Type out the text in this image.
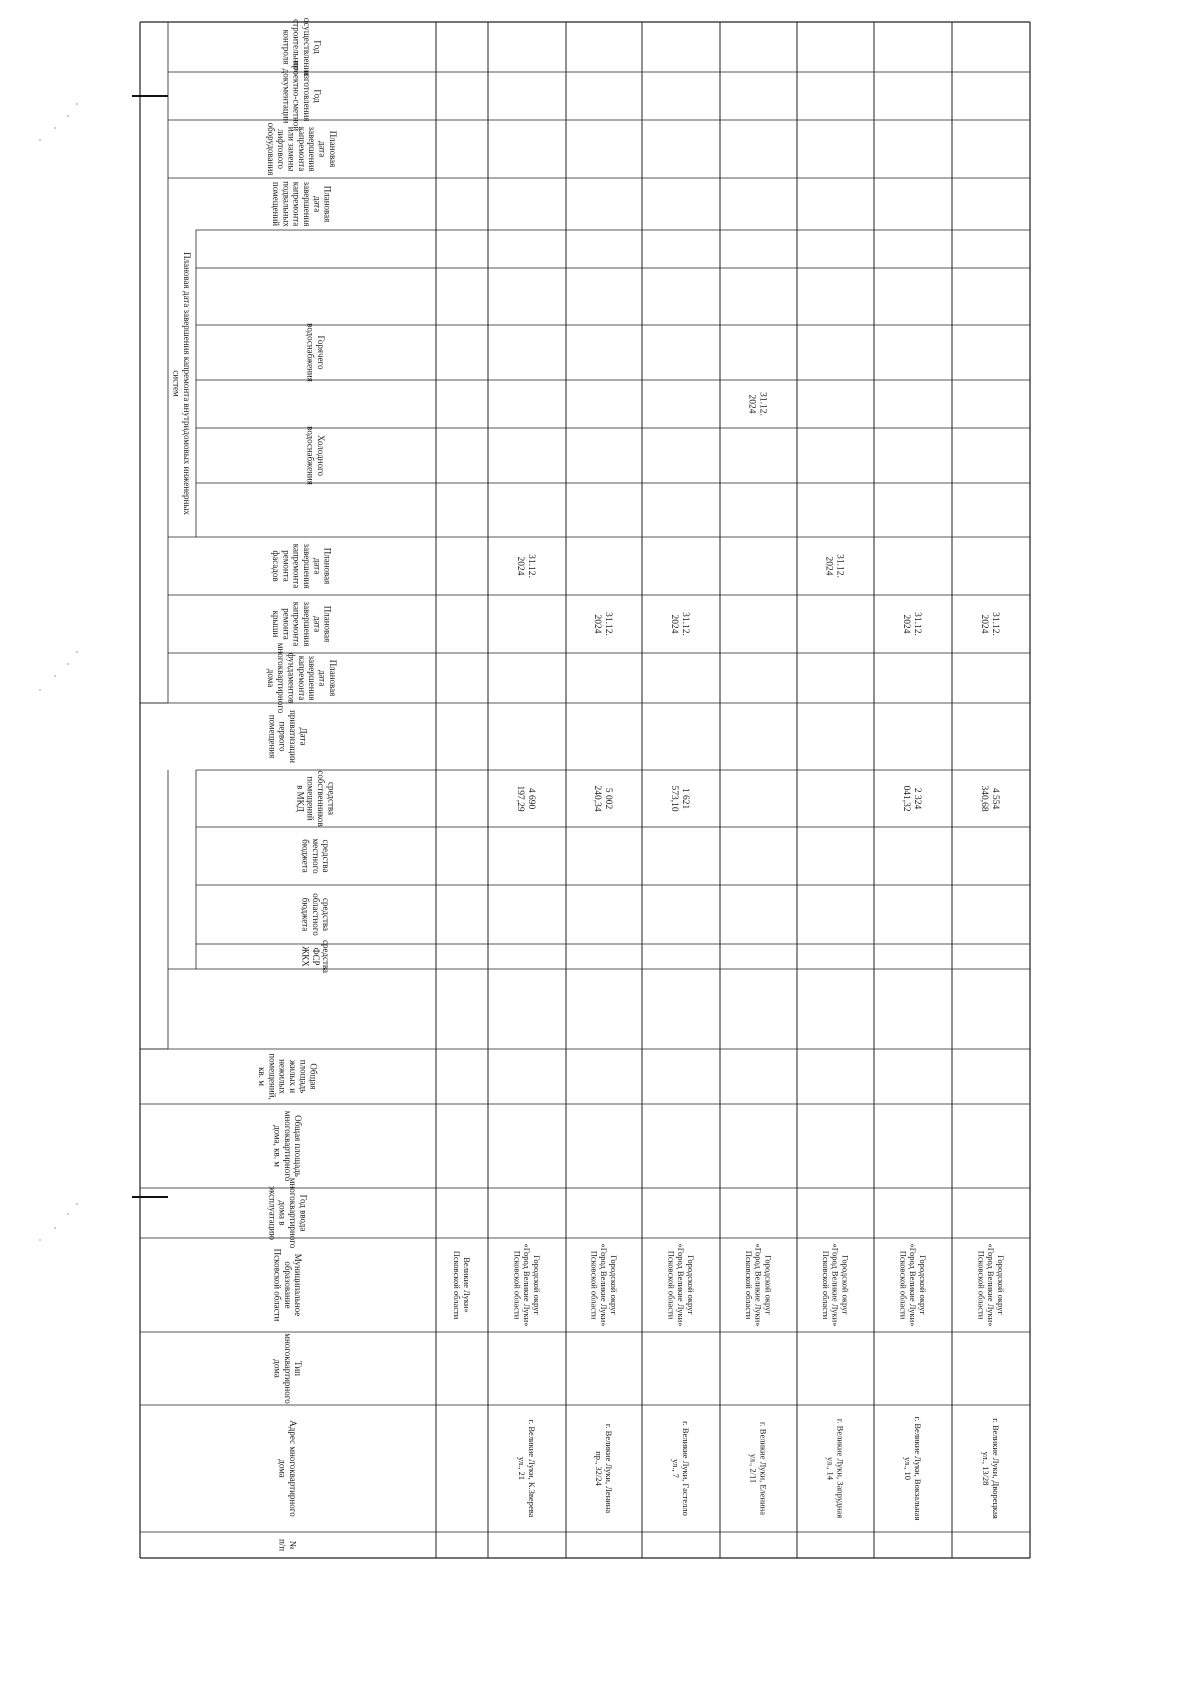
Плановая дата завершения капремонта внутридомовых инженерныхсистем
Годосуществлениястроительногоконтроля
Годизготовленияпроектно-сметнойдокументации
Плановаядатазавершениякапремонтаили заменылифтовогооборудования
Плановаядатазавершениякапремонтаподвальныхпомещений
Горячеговодоснабжения
Холодноговодоснабжения
Плановаядатазавершениякапремонтаремонтафасадов
Плановаядатазавершениякапремонтаремонтакрыши
Плановаядатазавершениякапремонтафундаментовмногоквартирногодома
Датаприватизациипервогопомещения
средствасобственниковпомещенийв МКД
средстваместногобюджета
средстваобластногобюджета
средстваФСРЖКХ
Общаяплощадьжилых инежилыхпомещений,кв. м
Общая площадьмногоквартирногодома, кв. м
Год вводамногоквартирногодома вэксплуатацию
МуниципальноеобразованиеПсковской области
Типмногоквартирногодома
Адрес многоквартирногодома
№п/п
Великие Луки»Псковской области
31.12.2024
4 690197,29
Городской округ«Город Великие Луки»Псковской области
г. Великие Луки, К.Звереваул., 21
31.12.2024
5 002240,34
Городской округ«Город Великие Луки»Псковской области
г. Великие Луки, Ленинапр., 32/24
31.12.2024
1 621573,10
Городской округ«Город Великие Луки»Псковской области
г. Великие Луки, Гастеллоул., 7
31.12.2024
Городской округ«Город Великие Луки»Псковской области
г. Великие Луки, Еленинаул., 2/11
31.12.2024
Городской округ«Город Великие Луки»Псковской области
г. Великие Луки, Запруднаяул., 14
31.12.2024
2 324041,32
Городской округ«Город Великие Луки»Псковской области
г. Великие Луки, Вокзальнаяул., 10
31.12.2024
4 554340,68
Городской округ«Город Великие Луки»Псковской области
г. Великие Луки, Дворецкаяул., 13/28
